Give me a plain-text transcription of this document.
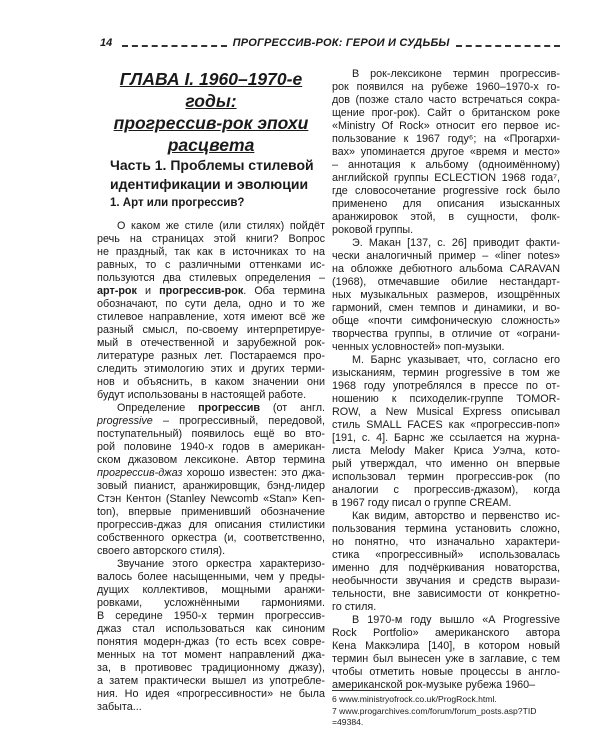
14	ПРОГРЕССИВ-РОК: ГЕРОИ И СУДЬБЫ
ГЛАВА I. 1960–1970-е годы:
прогрессив-рок эпохи
расцвета
Часть 1. Проблемы стилевой
идентификации и эволюции
1. Арт или прогрессив?
О каком же стиле (или стилях) пойдёт
речь на страницах этой книги? Вопрос
не праздный, так как в источниках то на
равных, то с различными оттенками ис-
пользуются два стилевых определения –
арт-рок и прогрессив-рок. Оба термина
обозначают, по сути дела, одно и то же
стилевое направление, хотя имеют всё же
разный смысл, по-своему интерпретируе-
мый в отечественной и зарубежной рок-
литературе разных лет. Постараемся про-
следить этимологию этих и других терми-
нов и объяснить, в каком значении они
будут использованы в настоящей работе.
Определение прогрессив (от англ.
progressive – прогрессивный, передовой,
поступательный) появилось ещё во вто-
рой половине 1940-х годов в американ-
ском джазовом лексиконе. Автор термина
прогрессив-джаз хорошо известен: это джа-
зовый пианист, аранжировщик, бэнд-лидер
Стэн Кентон (Stanley Newcomb «Stan» Ken-
ton), впервые применивший обозначение
прогрессив-джаз для описания стилистики
собственного оркестра (и, соответственно,
своего авторского стиля).
Звучание этого оркестра характеризо-
валось более насыщенными, чем у преды-
дущих коллективов, мощными аранжи-
ровками, усложнёнными гармониями.
В середине 1950-х термин прогрессив-
джаз стал использоваться как синоним
понятия модерн-джаз (то есть всех совре-
менных на тот момент направлений джа-
за, в противовес традиционному джазу),
а затем практически вышел из употребле-
ния. Но идея «прогрессивности» не была
забыта...
В рок-лексиконе термин прогрессив-
рок появился на рубеже 1960–1970-х го-
дов (позже стало часто встречаться сокра-
щение прог-рок). Сайт о британском роке
«Ministry Of Rock» относит его первое ис-
пользование к 1967 году⁶; на «Прогархи-
вах» упоминается другое «время и место»
– аннотация к альбому (одноимённому)
английской группы ECLECTION 1968 года⁷,
где словосочетание progressive rock было
применено для описания изысканных
аранжировок этой, в сущности, фолк-
роковой группы.
Э. Макан [137, с. 26] приводит факти-
чески аналогичный пример – «liner notes»
на обложке дебютного альбома CARAVAN
(1968), отмечавшие обилие нестандарт-
ных музыкальных размеров, изощрённых
гармоний, смен темпов и динамики, и во-
обще «почти симфоническую сложность»
творчества группы, в отличие от «ограни-
ченных условностей» поп-музыки.
М. Барнс указывает, что, согласно его
изысканиям, термин progressive в том же
1968 году употреблялся в прессе по от-
ношению к психоделик-группе TOMOR-
ROW, а New Musical Express описывал
стиль SMALL FACES как «прогрессив-поп»
[191, с. 4]. Барнс же ссылается на журна-
листа Melody Maker Криса Уэлча, кото-
рый утверждал, что именно он впервые
использовал термин прогрессив-рок (по
аналогии с прогрессив-джазом), когда
в 1967 году писал о группе CREAM.
Как видим, авторство и первенство ис-
пользования термина установить сложно,
но понятно, что изначально характери-
стика «прогрессивный» использовалась
именно для подчёркивания новаторства,
необычности звучания и средств вырази-
тельности, вне зависимости от конкретно-
го стиля.
В 1970-м году вышло «A Progressive
Rock Portfolio» американского автора
Кена Маккэлира [140], в котором новый
термин был вынесен уже в заглавие, с тем
чтобы отметить новые процессы в англо-
американской рок-музыке рубежа 1960–
6 www.ministryofrock.co.uk/ProgRock.html.
7 www.progarchives.com/forum/forum_posts.asp?TID
=49384.
